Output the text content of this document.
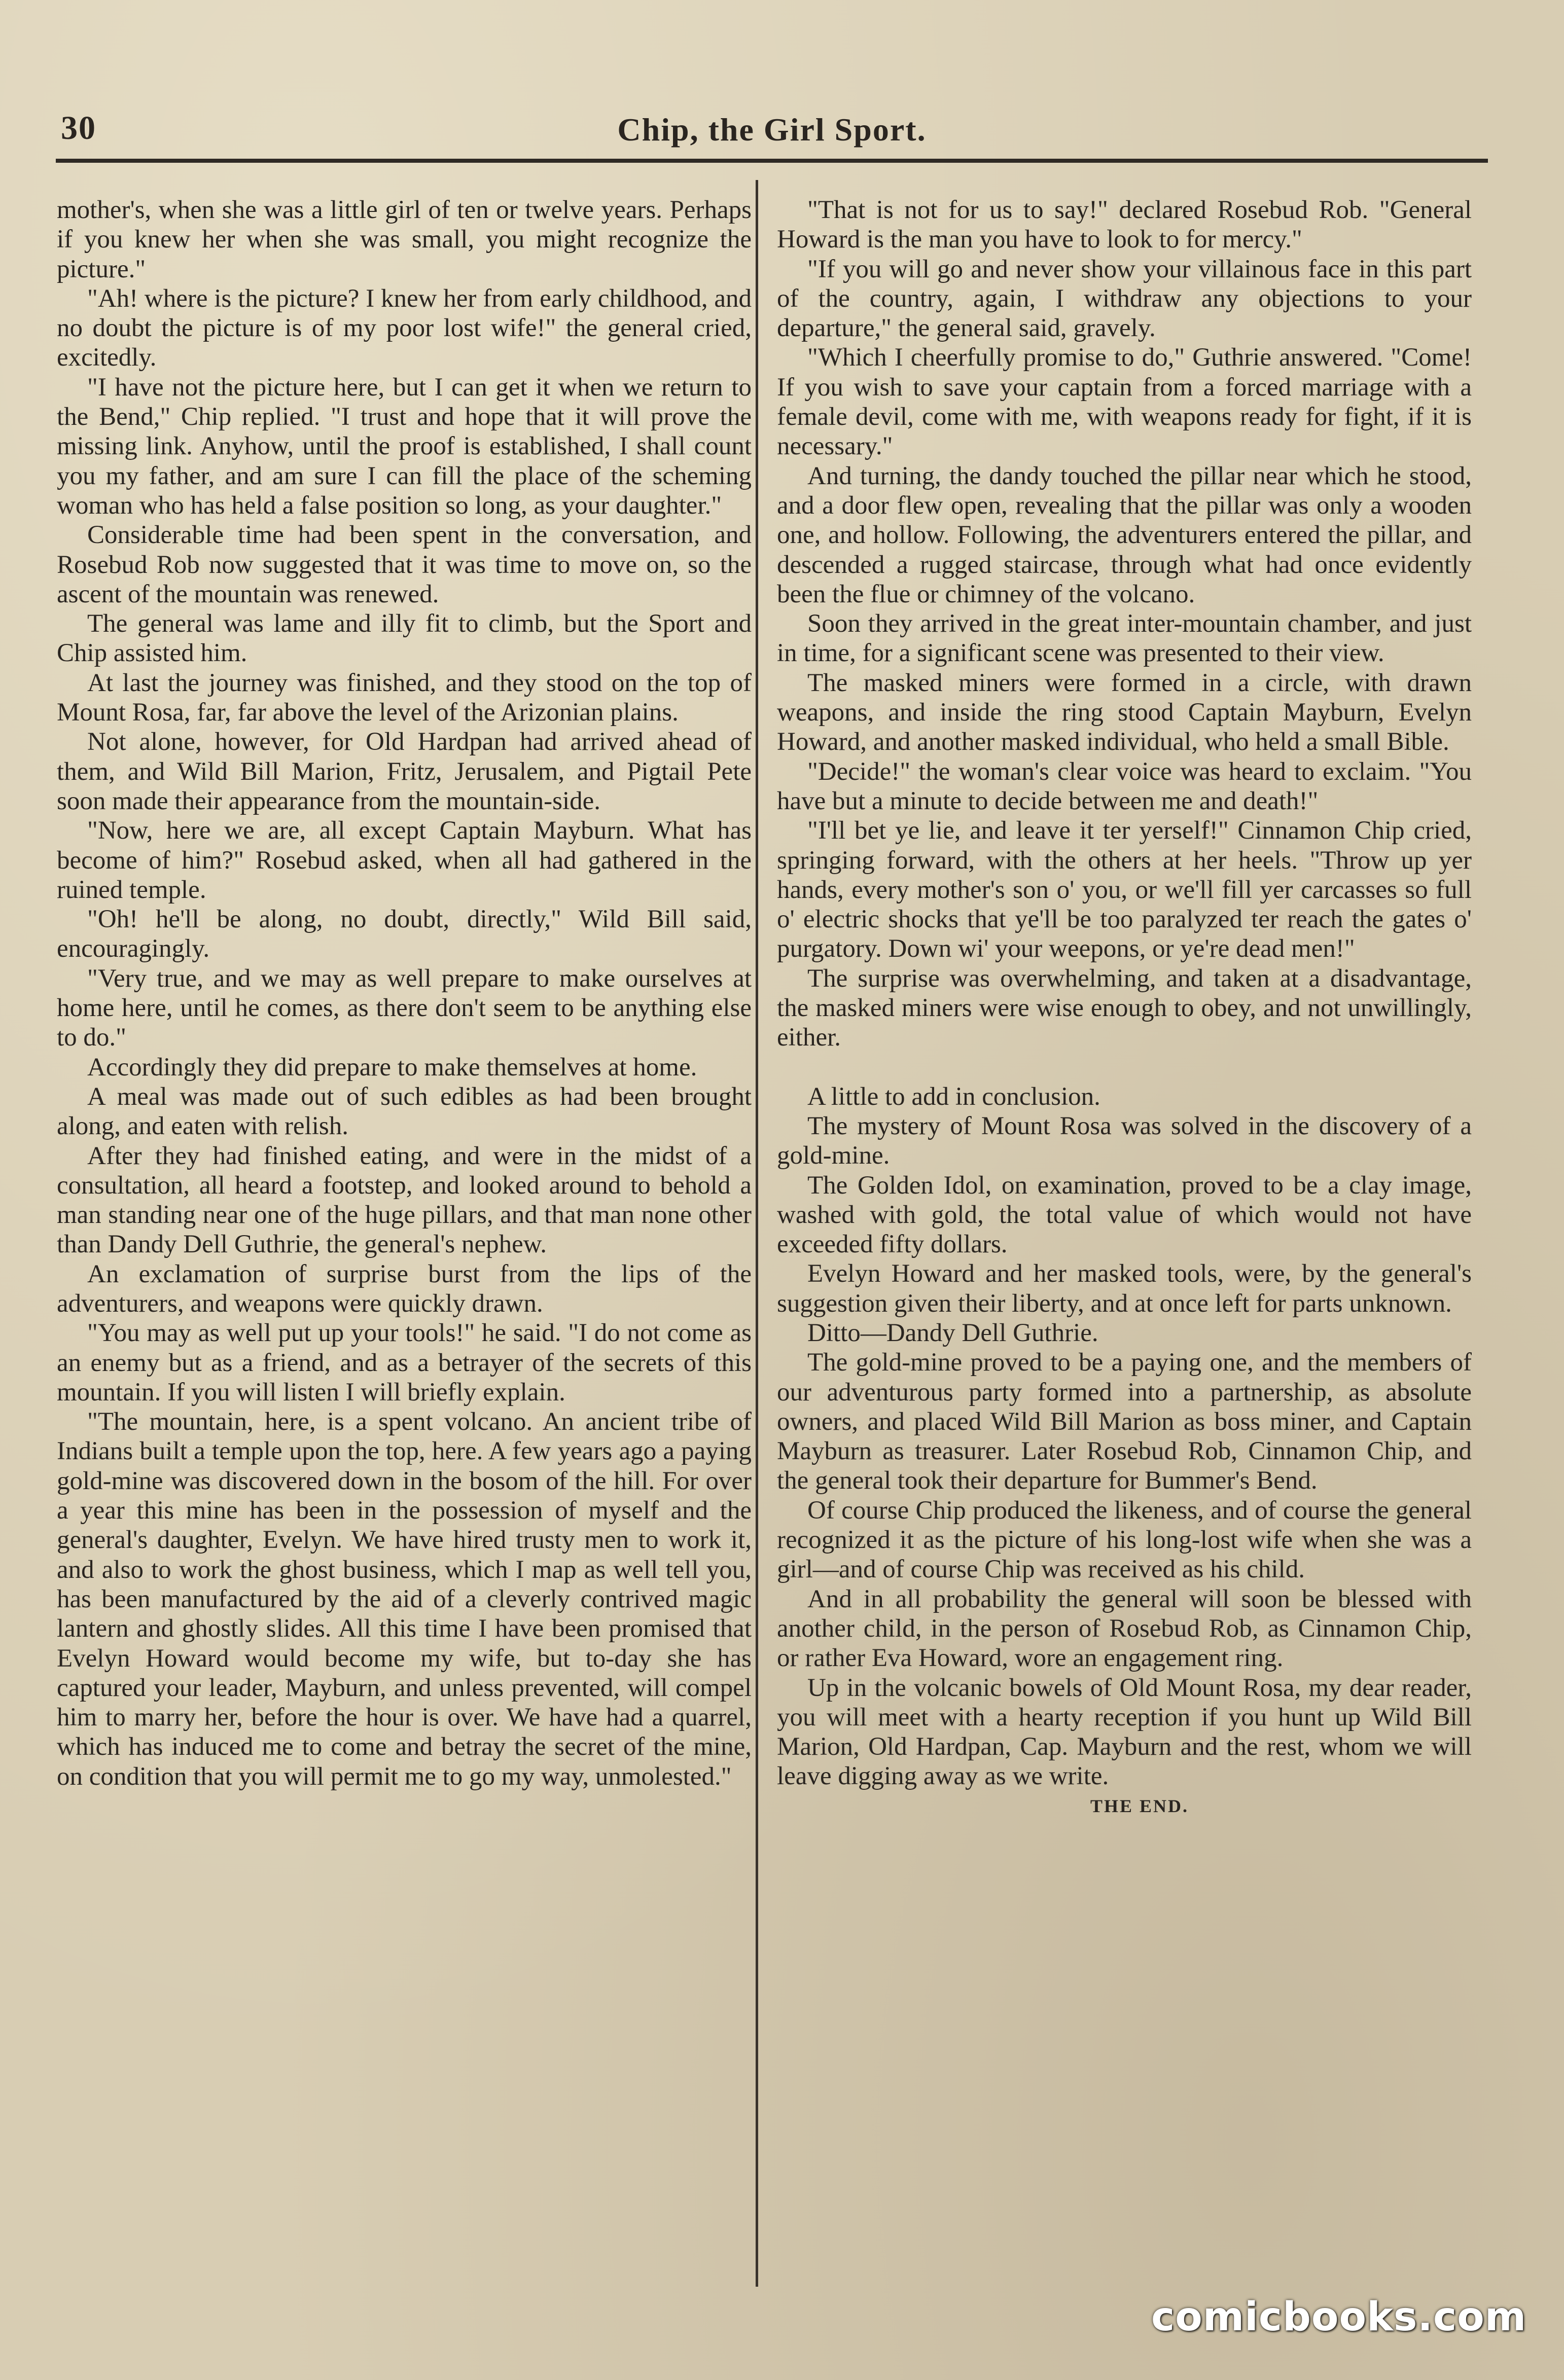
30	Chip, the Girl Sport.

mother's, when she was a little girl of ten or twelve years. Perhaps if you knew her when she was small, you might recognize the picture."

"Ah! where is the picture? I knew her from early childhood, and no doubt the picture is of my poor lost wife!" the general cried, excitedly.

"I have not the picture here, but I can get it when we return to the Bend," Chip replied. "I trust and hope that it will prove the missing link. Anyhow, until the proof is established, I shall count you my father, and am sure I can fill the place of the scheming woman who has held a false position so long, as your daughter."

Considerable time had been spent in the conversation, and Rosebud Rob now suggested that it was time to move on, so the ascent of the mountain was renewed.

The general was lame and illy fit to climb, but the Sport and Chip assisted him.

At last the journey was finished, and they stood on the top of Mount Rosa, far, far above the level of the Arizonian plains.

Not alone, however, for Old Hardpan had arrived ahead of them, and Wild Bill Marion, Fritz, Jerusalem, and Pigtail Pete soon made their appearance from the mountain-side.

"Now, here we are, all except Captain Mayburn. What has become of him?" Rosebud asked, when all had gathered in the ruined temple.

"Oh! he'll be along, no doubt, directly," Wild Bill said, encouragingly.

"Very true, and we may as well prepare to make ourselves at home here, until he comes, as there don't seem to be anything else to do."

Accordingly they did prepare to make themselves at home.

A meal was made out of such edibles as had been brought along, and eaten with relish.

After they had finished eating, and were in the midst of a consultation, all heard a footstep, and looked around to behold a man standing near one of the huge pillars, and that man none other than Dandy Dell Guthrie, the general's nephew.

An exclamation of surprise burst from the lips of the adventurers, and weapons were quickly drawn.

"You may as well put up your tools!" he said. "I do not come as an enemy but as a friend, and as a betrayer of the secrets of this mountain. If you will listen I will briefly explain.

"The mountain, here, is a spent volcano. An ancient tribe of Indians built a temple upon the top, here. A few years ago a paying gold-mine was discovered down in the bosom of the hill. For over a year this mine has been in the possession of myself and the general's daughter, Evelyn. We have hired trusty men to work it, and also to work the ghost business, which I map as well tell you, has been manufactured by the aid of a cleverly contrived magic lantern and ghostly slides. All this time I have been promised that Evelyn Howard would become my wife, but to-day she has captured your leader, Mayburn, and unless prevented, will compel him to marry her, before the hour is over. We have had a quarrel, which has induced me to come and betray the secret of the mine, on condition that you will permit me to go my way, unmolested."

"That is not for us to say!" declared Rosebud Rob. "General Howard is the man you have to look to for mercy."

"If you will go and never show your villainous face in this part of the country, again, I withdraw any objections to your departure," the general said, gravely.

"Which I cheerfully promise to do," Guthrie answered. "Come! If you wish to save your captain from a forced marriage with a female devil, come with me, with weapons ready for fight, if it is necessary."

And turning, the dandy touched the pillar near which he stood, and a door flew open, revealing that the pillar was only a wooden one, and hollow. Following, the adventurers entered the pillar, and descended a rugged staircase, through what had once evidently been the flue or chimney of the volcano.

Soon they arrived in the great inter-mountain chamber, and just in time, for a significant scene was presented to their view.

The masked miners were formed in a circle, with drawn weapons, and inside the ring stood Captain Mayburn, Evelyn Howard, and another masked individual, who held a small Bible.

"Decide!" the woman's clear voice was heard to exclaim. "You have but a minute to decide between me and death!"

"I'll bet ye lie, and leave it ter yerself!" Cinnamon Chip cried, springing forward, with the others at her heels. "Throw up yer hands, every mother's son o' you, or we'll fill yer carcasses so full o' electric shocks that ye'll be too paralyzed ter reach the gates o' purgatory. Down wi' your weepons, or ye're dead men!"

The surprise was overwhelming, and taken at a disadvantage, the masked miners were wise enough to obey, and not unwillingly, either.

A little to add in conclusion.

The mystery of Mount Rosa was solved in the discovery of a gold-mine.

The Golden Idol, on examination, proved to be a clay image, washed with gold, the total value of which would not have exceeded fifty dollars.

Evelyn Howard and her masked tools, were, by the general's suggestion given their liberty, and at once left for parts unknown.

Ditto—Dandy Dell Guthrie.

The gold-mine proved to be a paying one, and the members of our adventurous party formed into a partnership, as absolute owners, and placed Wild Bill Marion as boss miner, and Captain Mayburn as treasurer. Later Rosebud Rob, Cinnamon Chip, and the general took their departure for Bummer's Bend.

Of course Chip produced the likeness, and of course the general recognized it as the picture of his long-lost wife when she was a girl—and of course Chip was received as his child.

And in all probability the general will soon be blessed with another child, in the person of Rosebud Rob, as Cinnamon Chip, or rather Eva Howard, wore an engagement ring.

Up in the volcanic bowels of Old Mount Rosa, my dear reader, you will meet with a hearty reception if you hunt up Wild Bill Marion, Old Hardpan, Cap. Mayburn and the rest, whom we will leave digging away as we write.

THE END.

comicbooks.com
